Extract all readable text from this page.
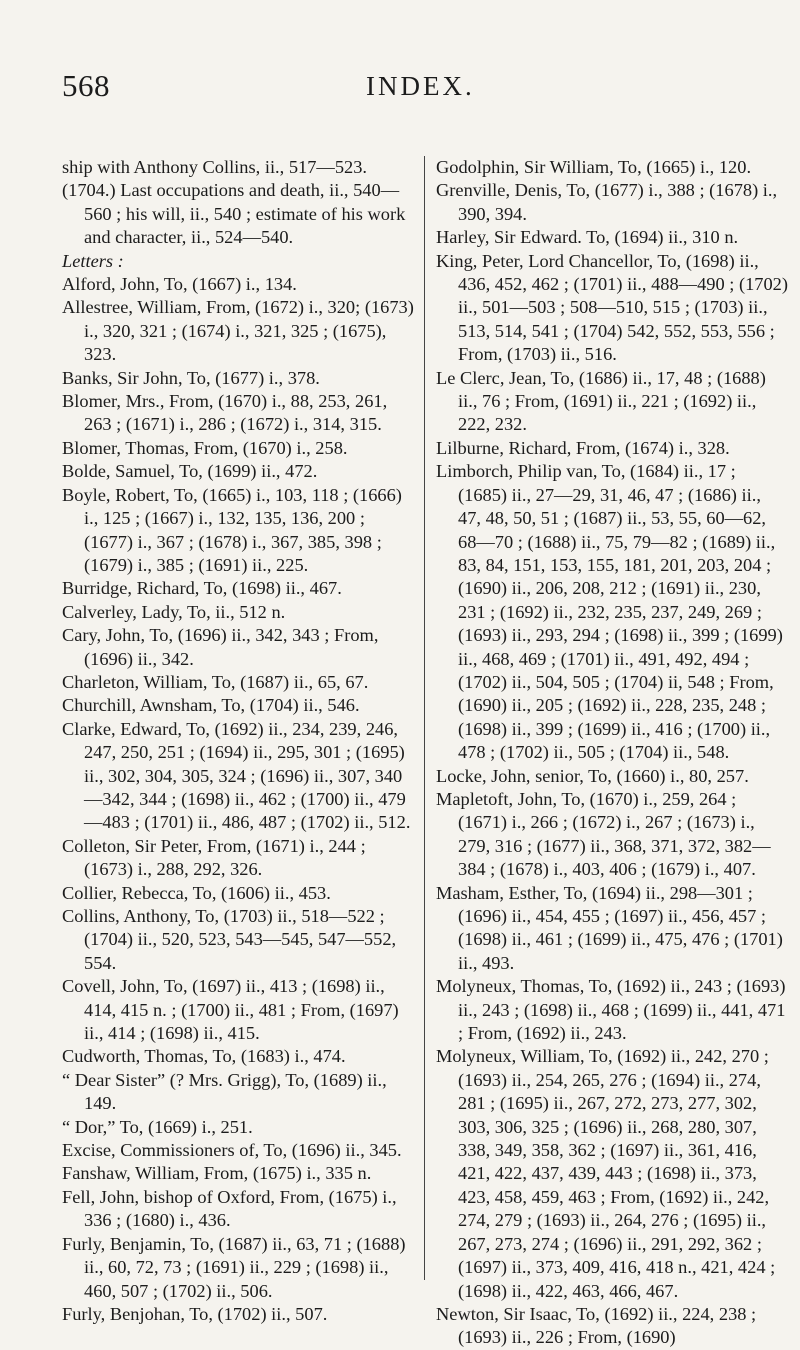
568	INDEX.

ship with Anthony Collins, ii., 517—523.

(1704.) Last occupations and death, ii., 540—560 ; his will, ii., 540 ; estimate of his work and character, ii., 524—540.

Letters :

Alford, John, To, (1667) i., 134.

Allestree, William, From, (1672) i., 320; (1673) i., 320, 321 ; (1674) i., 321, 325 ; (1675), 323.

Banks, Sir John, To, (1677) i., 378.

Blomer, Mrs., From, (1670) i., 88, 253, 261, 263 ; (1671) i., 286 ; (1672) i., 314, 315.

Blomer, Thomas, From, (1670) i., 258.

Bolde, Samuel, To, (1699) ii., 472.

Boyle, Robert, To, (1665) i., 103, 118 ; (1666) i., 125 ; (1667) i., 132, 135, 136, 200 ; (1677) i., 367 ; (1678) i., 367, 385, 398 ; (1679) i., 385 ; (1691) ii., 225.

Burridge, Richard, To, (1698) ii., 467.

Calverley, Lady, To, ii., 512 n.

Cary, John, To, (1696) ii., 342, 343 ; From, (1696) ii., 342.

Charleton, William, To, (1687) ii., 65, 67.

Churchill, Awnsham, To, (1704) ii., 546.

Clarke, Edward, To, (1692) ii., 234, 239, 246, 247, 250, 251 ; (1694) ii., 295, 301 ; (1695) ii., 302, 304, 305, 324 ; (1696) ii., 307, 340—342, 344 ; (1698) ii., 462 ; (1700) ii., 479—483 ; (1701) ii., 486, 487 ; (1702) ii., 512.

Colleton, Sir Peter, From, (1671) i., 244 ; (1673) i., 288, 292, 326.

Collier, Rebecca, To, (1606) ii., 453.

Collins, Anthony, To, (1703) ii., 518—522 ; (1704) ii., 520, 523, 543—545, 547—552, 554.

Covell, John, To, (1697) ii., 413 ; (1698) ii., 414, 415 n. ; (1700) ii., 481 ; From, (1697) ii., 414 ; (1698) ii., 415.

Cudworth, Thomas, To, (1683) i., 474.

“ Dear Sister” (? Mrs. Grigg), To, (1689) ii., 149.

“ Dor,” To, (1669) i., 251.

Excise, Commissioners of, To, (1696) ii., 345.

Fanshaw, William, From, (1675) i., 335 n.

Fell, John, bishop of Oxford, From, (1675) i., 336 ; (1680) i., 436.

Furly, Benjamin, To, (1687) ii., 63, 71 ; (1688) ii., 60, 72, 73 ; (1691) ii., 229 ; (1698) ii., 460, 507 ; (1702) ii., 506.

Furly, Benjohan, To, (1702) ii., 507.

Godolphin, Sir William, To, (1665) i., 120.

Grenville, Denis, To, (1677) i., 388 ; (1678) i., 390, 394.

Harley, Sir Edward. To, (1694) ii., 310 n.

King, Peter, Lord Chancellor, To, (1698) ii., 436, 452, 462 ; (1701) ii., 488—490 ; (1702) ii., 501—503 ; 508—510, 515 ; (1703) ii., 513, 514, 541 ; (1704) 542, 552, 553, 556 ; From, (1703) ii., 516.

Le Clerc, Jean, To, (1686) ii., 17, 48 ; (1688) ii., 76 ; From, (1691) ii., 221 ; (1692) ii., 222, 232.

Lilburne, Richard, From, (1674) i., 328.

Limborch, Philip van, To, (1684) ii., 17 ; (1685) ii., 27—29, 31, 46, 47 ; (1686) ii., 47, 48, 50, 51 ; (1687) ii., 53, 55, 60—62, 68—70 ; (1688) ii., 75, 79—82 ; (1689) ii., 83, 84, 151, 153, 155, 181, 201, 203, 204 ; (1690) ii., 206, 208, 212 ; (1691) ii., 230, 231 ; (1692) ii., 232, 235, 237, 249, 269 ; (1693) ii., 293, 294 ; (1698) ii., 399 ; (1699) ii., 468, 469 ; (1701) ii., 491, 492, 494 ; (1702) ii., 504, 505 ; (1704) ii, 548 ; From, (1690) ii., 205 ; (1692) ii., 228, 235, 248 ; (1698) ii., 399 ; (1699) ii., 416 ; (1700) ii., 478 ; (1702) ii., 505 ; (1704) ii., 548.

Locke, John, senior, To, (1660) i., 80, 257.

Mapletoft, John, To, (1670) i., 259, 264 ; (1671) i., 266 ; (1672) i., 267 ; (1673) i., 279, 316 ; (1677) ii., 368, 371, 372, 382—384 ; (1678) i., 403, 406 ; (1679) i., 407.

Masham, Esther, To, (1694) ii., 298—301 ; (1696) ii., 454, 455 ; (1697) ii., 456, 457 ; (1698) ii., 461 ; (1699) ii., 475, 476 ; (1701) ii., 493.

Molyneux, Thomas, To, (1692) ii., 243 ; (1693) ii., 243 ; (1698) ii., 468 ; (1699) ii., 441, 471 ; From, (1692) ii., 243.

Molyneux, William, To, (1692) ii., 242, 270 ; (1693) ii., 254, 265, 276 ; (1694) ii., 274, 281 ; (1695) ii., 267, 272, 273, 277, 302, 303, 306, 325 ; (1696) ii., 268, 280, 307, 338, 349, 358, 362 ; (1697) ii., 361, 416, 421, 422, 437, 439, 443 ; (1698) ii., 373, 423, 458, 459, 463 ; From, (1692) ii., 242, 274, 279 ; (1693) ii., 264, 276 ; (1695) ii., 267, 273, 274 ; (1696) ii., 291, 292, 362 ; (1697) ii., 373, 409, 416, 418 n., 421, 424 ; (1698) ii., 422, 463, 466, 467.

Newton, Sir Isaac, To, (1692) ii., 224, 238 ; (1693) ii., 226 ; From, (1690)
